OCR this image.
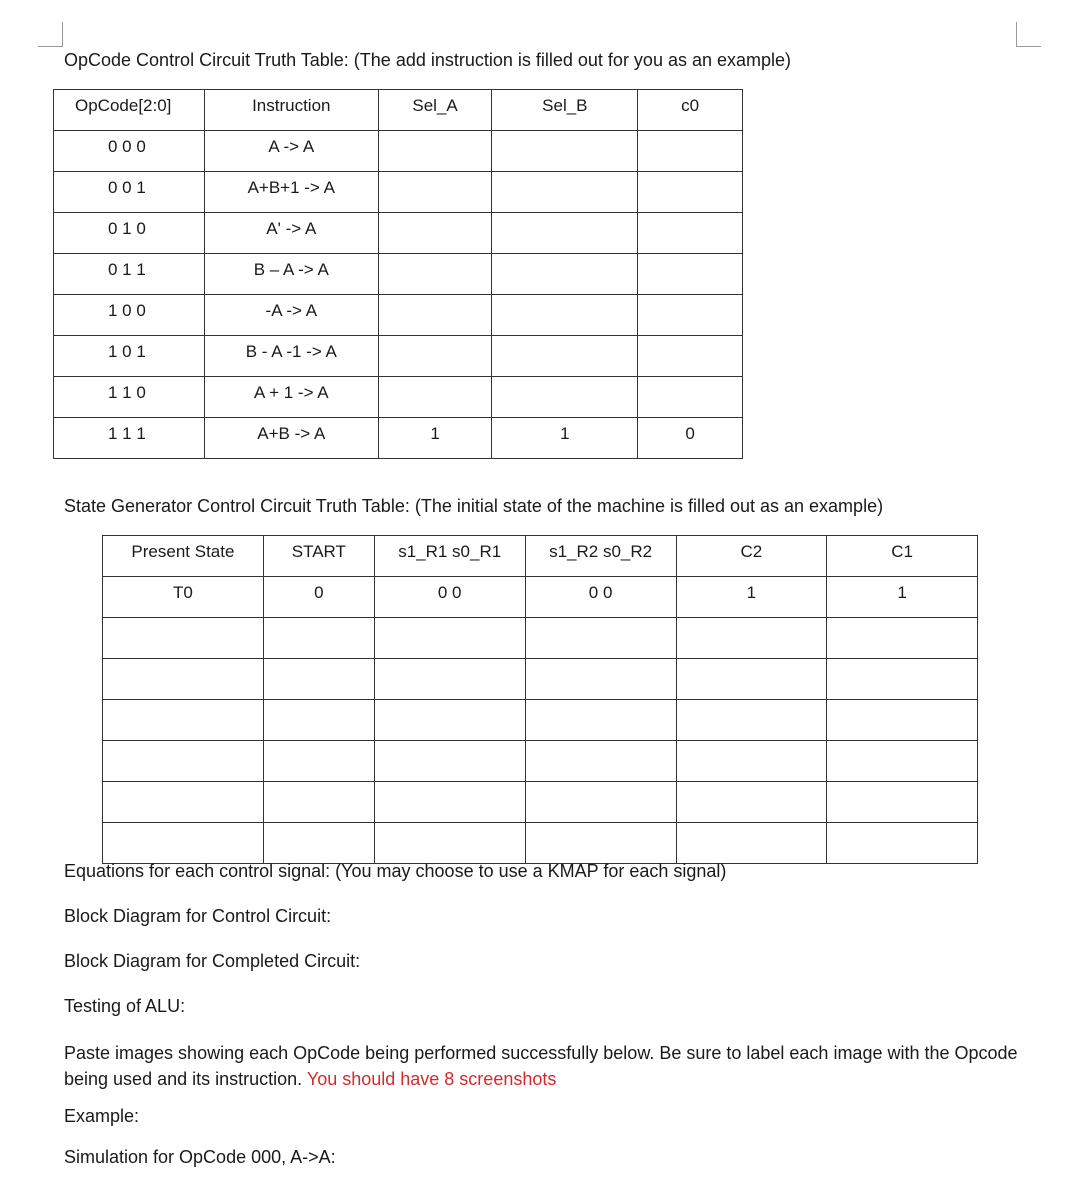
OpCode Control Circuit Truth Table: (The add instruction is filled out for you as an example)
OpCode[2:0]	Instruction	Sel_A	Sel_B	c0

0 0 0	A -> A			

0 0 1	A+B+1 -> A			

0 1 0	A' -> A			

0 1 1	B – A -> A			

1 0 0	-A -> A			

1 0 1	B - A -1 -> A			

1 1 0	A + 1 -> A			

1 1 1	A+B -> A	1	1	0
State Generator Control Circuit Truth Table: (The initial state of the machine is filled out as an example)
Present State	START	s1_R1 s0_R1	s1_R2 s0_R2	C2	C1

T0	0	0 0	0 0	1	1

Equations for each control signal: (You may choose to use a KMAP for each signal)
Block Diagram for Control Circuit:
Block Diagram for Completed Circuit:
Testing of ALU:
Paste images showing each OpCode being performed successfully below. Be sure to label each image with the Opcode being used and its instruction. You should have 8 screenshots
Example:
Simulation for OpCode 000, A->A:
